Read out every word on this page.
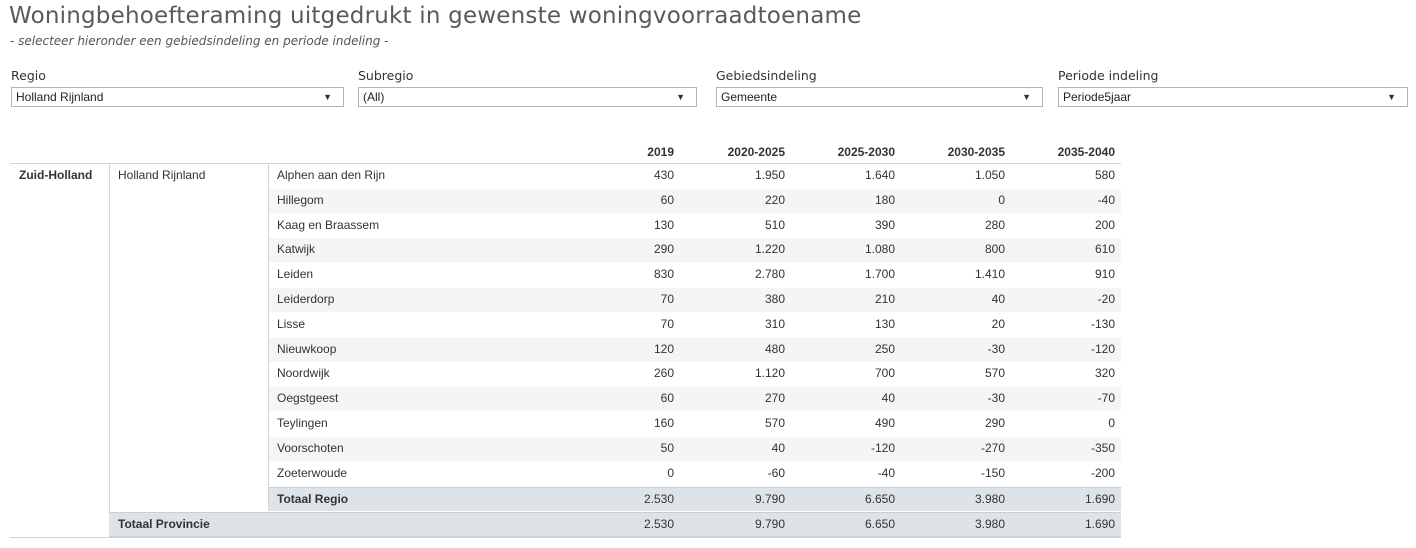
Woningbehoefteraming uitgedrukt in gewenste woningvoorraadtoename
- selecteer hieronder een gebiedsindeling en periode indeling -
Regio
Holland Rijnland	▼
Subregio
(All)	▼
Gebiedsindeling
Gemeente	▼
Periode indeling
Periode5jaar	▼
2019	2020-2025	2025-2030	2030-2035	2035-2040
Zuid-Holland Holland Rijnland	Alphen aan den Rijn	430	1.950	1.640	1.050	580
Hillegom	60	220	180	0	-40
Kaag en Braassem	130	510	390	280	200
Katwijk	290	1.220	1.080	800	610
Leiden	830	2.780	1.700	1.410	910
Leiderdorp	70	380	210	40	-20
Lisse	70	310	130	20	-130
Nieuwkoop	120	480	250	-30	-120
Noordwijk	260	1.120	700	570	320
Oegstgeest	60	270	40	-30	-70
Teylingen	160	570	490	290	0
Voorschoten	50	40	-120	-270	-350
Zoeterwoude	0	-60	-40	-150	-200
Totaal Regio	2.530	9.790	6.650	3.980	1.690
Totaal Provincie	2.530	9.790	6.650	3.980	1.690
